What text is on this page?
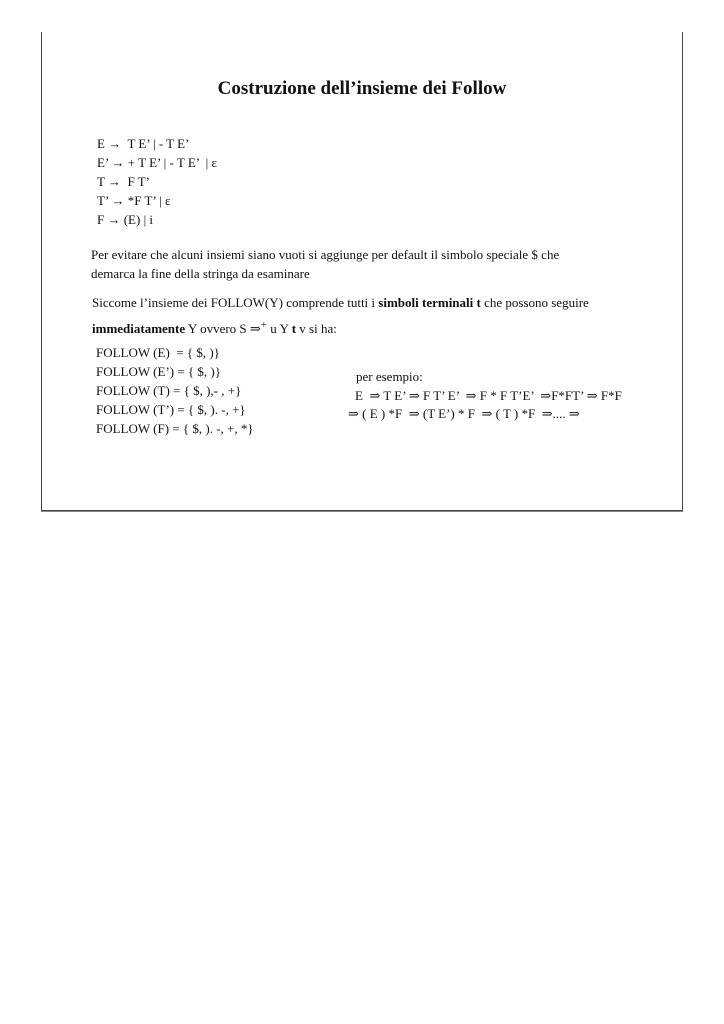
Costruzione dell’insieme dei Follow
E →  T E’ | - T E’
E’ → + T E’ | - T E’  | ε
T →  F T’
T’ → *F T’ | ε
F → (E) | i
Per evitare che alcuni insiemi siano vuoti si aggiunge per default il simbolo speciale $ che
demarca la fine della stringa da esaminare
Siccome l’insieme dei FOLLOW(Y) comprende tutti i simboli terminali t che possono seguire
immediatamente Y ovvero S ⇒+ u Y t v si ha:
FOLLOW (E)  = { $, )}
FOLLOW (E’) = { $, )}
FOLLOW (T) = { $, ),- , +}
FOLLOW (T’) = { $, ). -, +}
FOLLOW (F) = { $, ). -, +, *}
per esempio:
E  ⇒ T E’ ⇒ F T’ E’  ⇒ F * F T’E’  ⇒F*FT’ ⇒ F*F
⇒ ( E ) *F  ⇒ (T E’) * F  ⇒ ( T ) *F  ⇒.... ⇒
